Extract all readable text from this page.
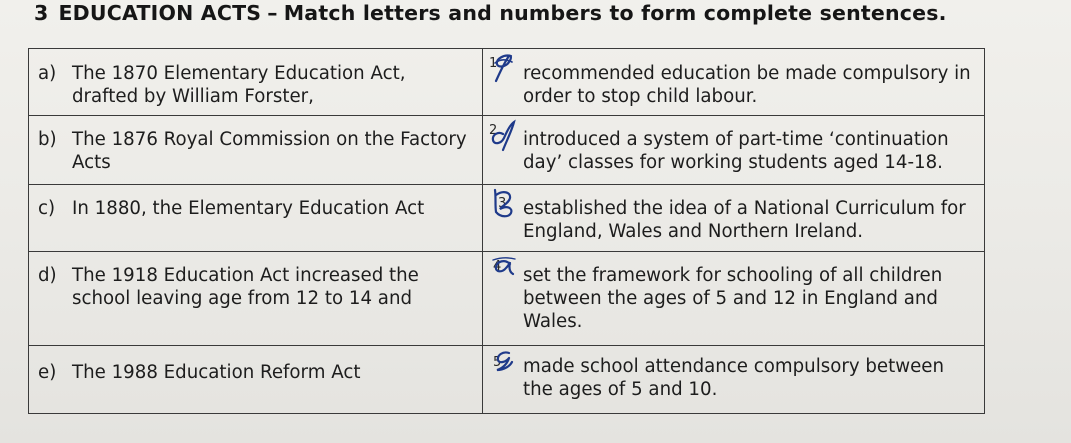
3 EDUCATION ACTS – Match letters and numbers to form complete sentences.
a) The 1870 Elementary Education Act, drafted by William Forster,	1 recommended education be made compulsory in order to stop child labour.

b) The 1876 Royal Commission on the Factory Acts	2 introduced a system of part-time ‘continuation day’ classes for working students aged 14-18.

c) In 1880, the Elementary Education Act	3 established the idea of a National Curriculum for England, Wales and Northern Ireland.

d) The 1918 Education Act increased the school leaving age from 12 to 14 and	4 set the framework for schooling of all children between the ages of 5 and 12 in England and Wales.

e) The 1988 Education Reform Act	5 made school attendance compulsory between the ages of 5 and 10.
